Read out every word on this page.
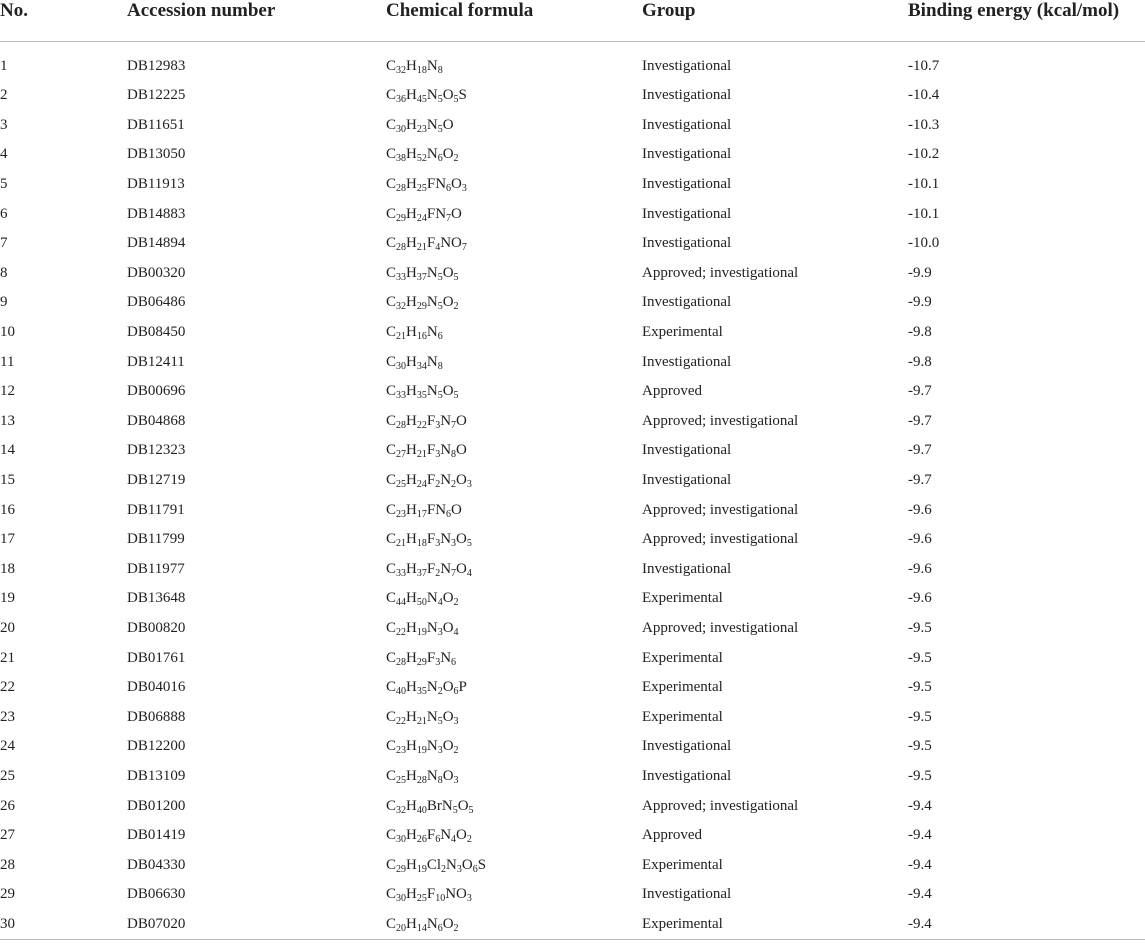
No.	Accession number	Chemical formula	Group	Binding energy (kcal/mol)
1	DB12983	$C_{32}H_{18}N_8$	Investigational	-10.7
2	DB12225	$C_{36}H_{45}N_5O_5S$	Investigational	-10.4
3	DB11651	$C_{30}H_{23}N_5O$	Investigational	-10.3
4	DB13050	$C_{38}H_{52}N_6O_2$	Investigational	-10.2
5	DB11913	$C_{28}H_{25}FN_6O_3$	Investigational	-10.1
6	DB14883	$C_{29}H_{24}FN_7O$	Investigational	-10.1
7	DB14894	$C_{28}H_{21}F_4NO_7$	Investigational	-10.0
8	DB00320	$C_{33}H_{37}N_5O_5$	Approved; investigational	-9.9
9	DB06486	$C_{32}H_{29}N_5O_2$	Investigational	-9.9
10	DB08450	$C_{21}H_{16}N_6$	Experimental	-9.8
11	DB12411	$C_{30}H_{34}N_8$	Investigational	-9.8
12	DB00696	$C_{33}H_{35}N_5O_5$	Approved	-9.7
13	DB04868	$C_{28}H_{22}F_3N_7O$	Approved; investigational	-9.7
14	DB12323	$C_{27}H_{21}F_3N_8O$	Investigational	-9.7
15	DB12719	$C_{25}H_{24}F_2N_2O_3$	Investigational	-9.7
16	DB11791	$C_{23}H_{17}FN_6O$	Approved; investigational	-9.6
17	DB11799	$C_{21}H_{18}F_3N_3O_5$	Approved; investigational	-9.6
18	DB11977	$C_{33}H_{37}F_2N_7O_4$	Investigational	-9.6
19	DB13648	$C_{44}H_{50}N_4O_2$	Experimental	-9.6
20	DB00820	$C_{22}H_{19}N_3O_4$	Approved; investigational	-9.5
21	DB01761	$C_{28}H_{29}F_3N_6$	Experimental	-9.5
22	DB04016	$C_{40}H_{35}N_2O_6P$	Experimental	-9.5
23	DB06888	$C_{22}H_{21}N_5O_3$	Experimental	-9.5
24	DB12200	$C_{23}H_{19}N_3O_2$	Investigational	-9.5
25	DB13109	$C_{25}H_{28}N_8O_3$	Investigational	-9.5
26	DB01200	$C_{32}H_{40}BrN_5O_5$	Approved; investigational	-9.4
27	DB01419	$C_{30}H_{26}F_6N_4O_2$	Approved	-9.4
28	DB04330	$C_{29}H_{19}Cl_2N_3O_6S$	Experimental	-9.4
29	DB06630	$C_{30}H_{25}F_{10}NO_3$	Investigational	-9.4
30	DB07020	$C_{20}H_{14}N_6O_2$	Experimental	-9.4
